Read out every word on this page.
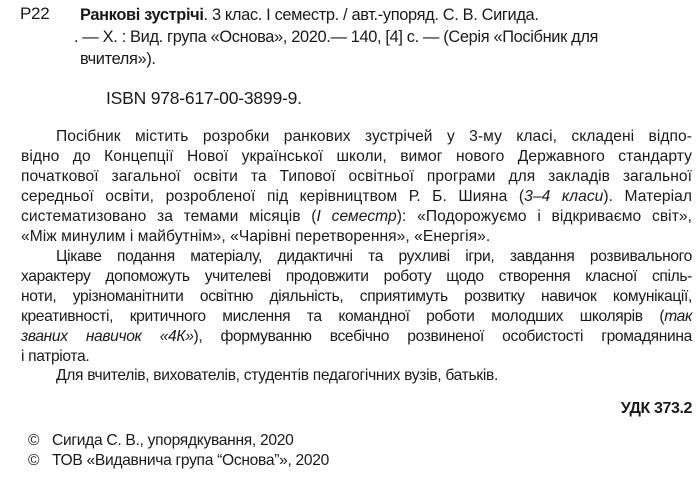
Р22 Ранкові зустрічі. 3 клас. І семестр. / авт.-упоряд. С. В. Сигида.
. — Х. : Вид. група «Основа», 2020.— 140, [4] с. — (Серія «Посібник для
вчителя»).
ISBN 978-617-00-3899-9.
Посібник містить розробки ранкових зустрічей у 3-му класі, складені відпо-
відно до Концепції Нової української школи, вимог нового Державного стандарту
початкової загальної освіти та Типової освітньої програми для закладів загальної
середньої освіти, розробленої під керівництвом Р. Б. Шияна (3–4 класи). Матеріал
систематизовано за темами місяців (І семестр): «Подорожуємо і відкриваємо світ»,
«Між минулим і майбутнім», «Чарівні перетворення», «Енергія».
Цікаве подання матеріалу, дидактичні та рухливі ігри, завдання розвивального
характеру допоможуть учителеві продовжити роботу щодо створення класної спіль-
ноти, урізноманітнити освітню діяльність, сприятимуть розвитку навичок комунікації,
креативності, критичного мислення та командної роботи молодших школярів (так
званих навичок «4К»), формуванню всебічно розвиненої особистості громадянина
і патріота.
Для вчителів, вихователів, студентів педагогічних вузів, батьків.
УДК 373.2
© Сигида С. В., упорядкування, 2020
© ТОВ «Видавнича група “Основа”», 2020
